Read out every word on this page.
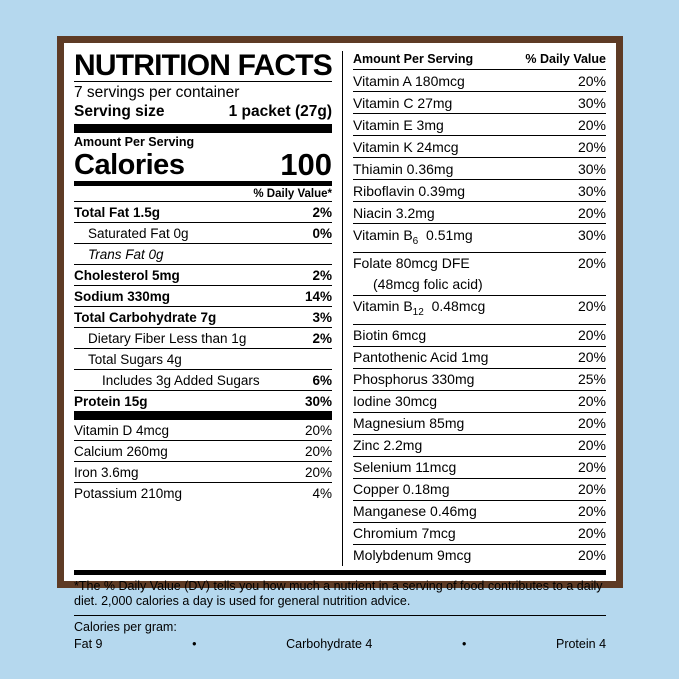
NUTRITION FACTS
7 servings per container
Serving size	1 packet (27g)
Amount Per Serving
Calories	100
% Daily Value*
Total Fat 1.5g	2%
Saturated Fat 0g	0%
Trans Fat 0g
Cholesterol 5mg	2%
Sodium 330mg	14%
Total Carbohydrate 7g	3%
Dietary Fiber Less than 1g	2%
Total Sugars 4g
Includes 3g Added Sugars	6%
Protein 15g	30%
Vitamin D 4mcg	20%
Calcium 260mg	20%
Iron 3.6mg	20%
Potassium 210mg	4%
Amount Per Serving	% Daily Value
Vitamin A 180mcg	20%
Vitamin C 27mg	30%
Vitamin E 3mg	20%
Vitamin K 24mcg	20%
Thiamin 0.36mg	30%
Riboflavin 0.39mg	30%
Niacin 3.2mg	20%
Vitamin $B_6$  0.51mg	30%
Folate 80mcg DFE	20%
(48mcg folic acid)
Vitamin $B_{12}$  0.48mcg	20%
Biotin 6mcg	20%
Pantothenic Acid 1mg	20%
Phosphorus 330mg	25%
Iodine 30mcg	20%
Magnesium 85mg	20%
Zinc 2.2mg	20%
Selenium 11mcg	20%
Copper 0.18mg	20%
Manganese 0.46mg	20%
Chromium 7mcg	20%
Molybdenum 9mcg	20%
*The % Daily Value (DV) tells you how much a nutrient in a serving of food contributes to a daily diet. 2,000 calories a day is used for general nutrition advice.
Calories per gram:
Fat 9	•	Carbohydrate 4	•	Protein 4
